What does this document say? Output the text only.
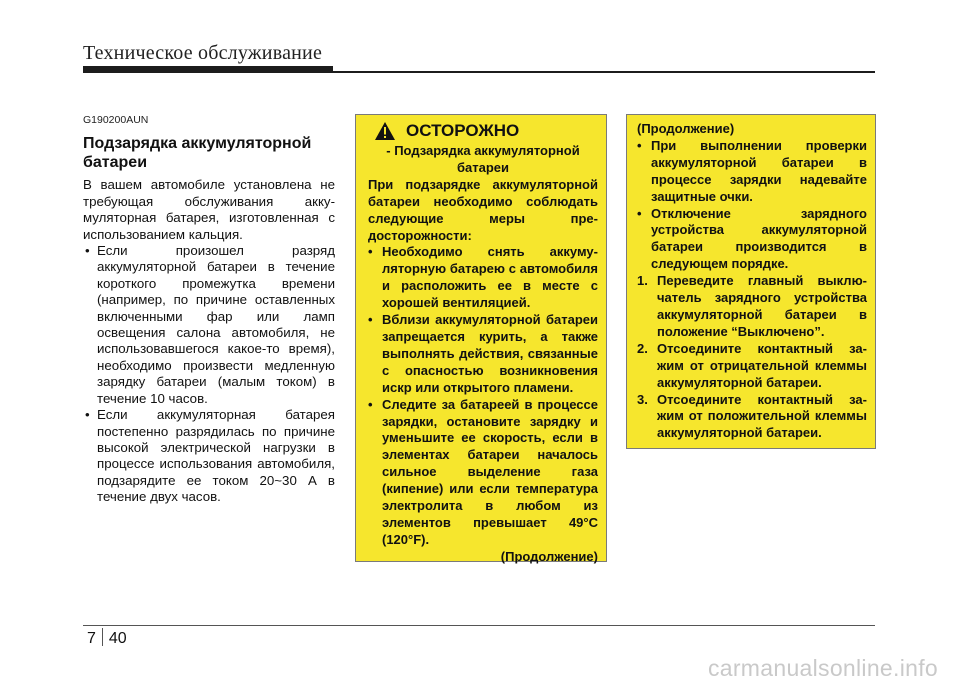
Техническое обслуживание
G190200AUN
Подзарядка аккумуляторной батареи

В вашем автомобиле установлена не требующая обслуживания акку-муляторная батарея, изготовленная с использованием кальция.

• Если произошел разряд аккумуляторной батареи в течение короткого промежутка времени (например, по причине оставленных включенными фар или ламп освещения салона автомобиля, не использовавшегося какое-то время), необходимо произвести медленную зарядку батареи (малым током) в течение 10 часов.
• Если аккумуляторная батарея постепенно разрядилась по причине высокой электрической нагрузки в процессе использования автомобиля, подзарядите ее током 20~30 А в течение двух часов.
ОСТОРОЖНО
- Подзарядка аккумуляторной батареи
При подзарядке аккумуляторной батареи необходимо соблюдать следующие меры пре-досторожности:
• Необходимо снять аккуму-ляторную батарею с автомобиля и расположить ее в месте с хорошей вентиляцией.
• Вблизи аккумуляторной батареи запрещается курить, а также выполнять действия, связанные с опасностью возникновения искр или открытого пламени.
• Следите за батареей в процессе зарядки, остановите зарядку и уменьшите ее скорость, если в элементах батареи началось сильное выделение газа (кипение) или если температура электролита в любом из элементов превышает 49°С (120°F).
(Продолжение)
(Продолжение)
• При выполнении проверки аккумуляторной батареи в процессе зарядки надевайте защитные очки.
• Отключение зарядного устройства аккумуляторной батареи производится в следующем порядке.
1. Переведите главный выклю-чатель зарядного устройства аккумуляторной батареи в положение “Выключено”.
2. Отсоедините контактный за-жим от отрицательной клеммы аккумуляторной батареи.
3. Отсоедините контактный за-жим от положительной клеммы аккумуляторной батареи.
7 40
carmanualsonline.info
